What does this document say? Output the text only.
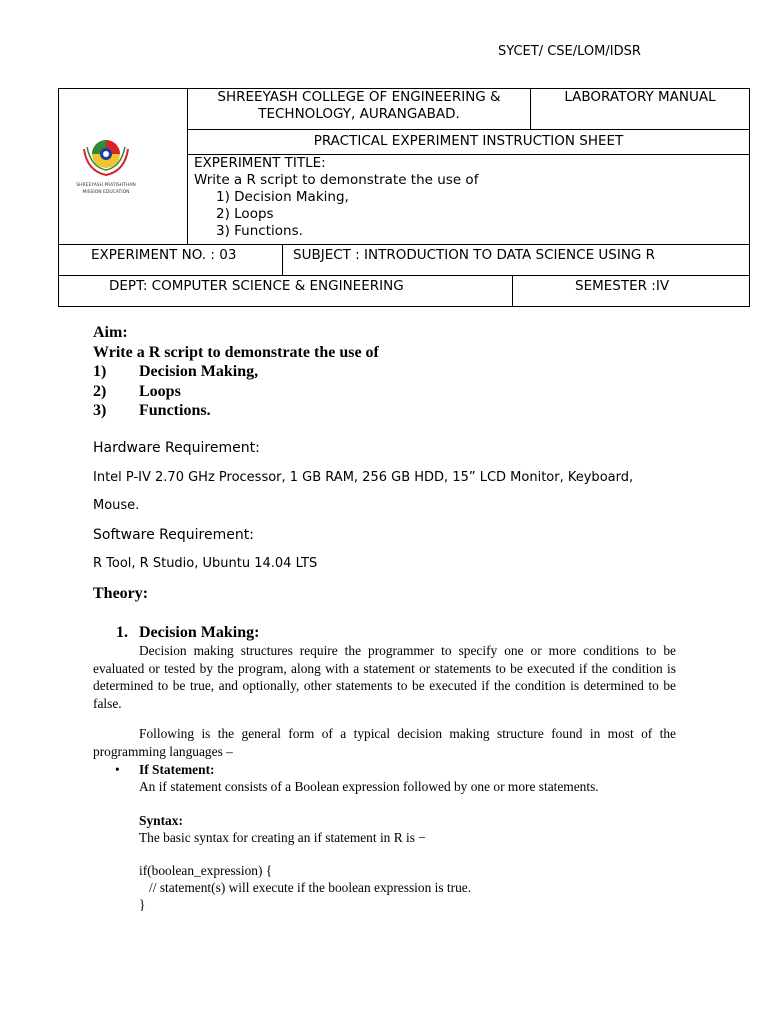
SYCET/ CSE/LOM/IDSR
SHREEYASH PRATISHTHAN
MISSION EDUCATION

SHREEYASH COLLEGE OF ENGINEERING &
TECHNOLOGY, AURANGABAD.
	LABORATORY MANUAL
PRACTICAL EXPERIMENT INSTRUCTION SHEET

EXPERIMENT TITLE:
Write a R script to demonstrate the use of
1) Decision Making,
2) Loops
3) Functions.

EXPERIMENT NO. : 03	SUBJECT : INTRODUCTION TO DATA SCIENCE USING R

DEPT: COMPUTER SCIENCE & ENGINEERING	SEMESTER :IV
Aim:
Write a R script to demonstrate the use of
1) Decision Making,
2) Loops
3) Functions.
Hardware Requirement:
Intel P-IV 2.70 GHz Processor, 1 GB RAM, 256 GB HDD, 15” LCD Monitor, Keyboard,
Mouse.
Software Requirement:
R Tool, R Studio, Ubuntu 14.04 LTS
Theory:
1. Decision Making:
Decision making structures require the programmer to specify one or more conditions to be evaluated or tested by the program, along with a statement or statements to be executed if the condition is determined to be true, and optionally, other statements to be executed if the condition is determined to be false.
Following is the general form of a typical decision making structure found in most of the programming languages –
• If Statement:
An if statement consists of a Boolean expression followed by one or more statements.
Syntax:
The basic syntax for creating an if statement in R is −
if(boolean_expression) {
// statement(s) will execute if the boolean expression is true.
}
